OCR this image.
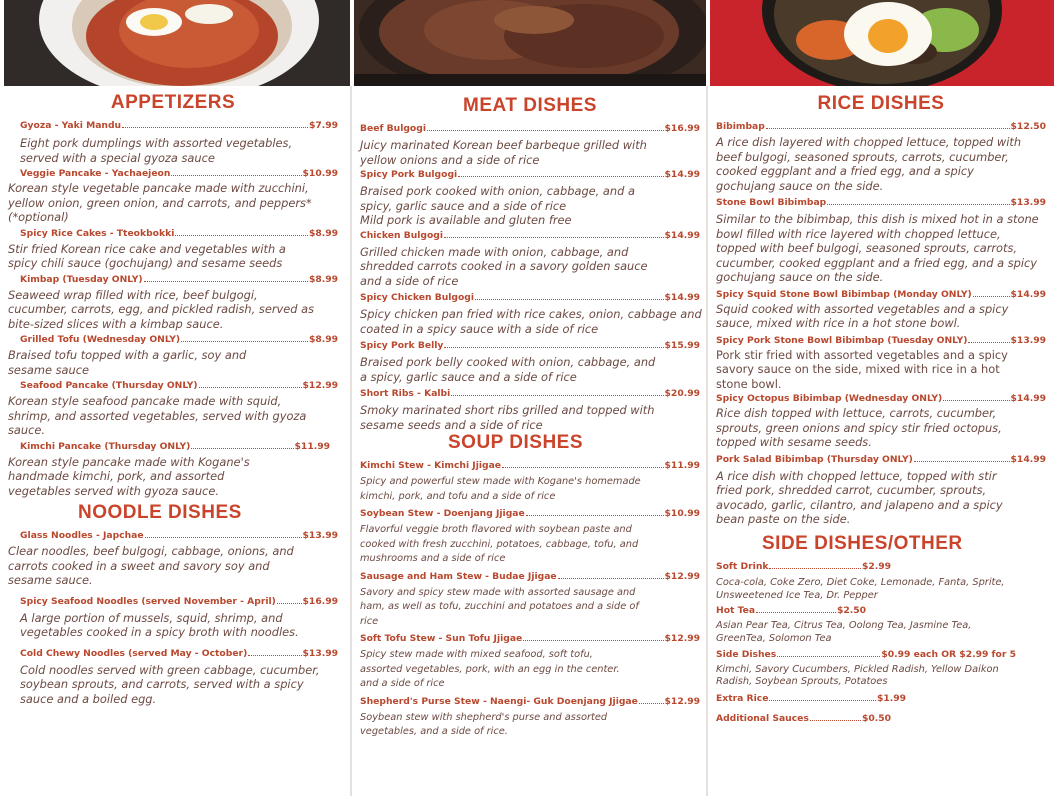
APPETIZERS
Gyoza - Yaki Mandu	$7.99
Eight pork dumplings with assorted vegetables, served with a special gyoza sauce
Veggie Pancake - Yachaejeon	$10.99
Korean style vegetable pancake made with zucchini, yellow onion, green onion, and carrots, and peppers* (*optional)
Spicy Rice Cakes - Tteokbokki	$8.99
Stir fried Korean rice cake and vegetables with a spicy chili sauce (gochujang) and sesame seeds
Kimbap (Tuesday ONLY)	$8.99
Seaweed wrap filled with rice, beef bulgogi, cucumber, carrots, egg, and pickled radish, served as bite-sized slices with a kimbap sauce.
Grilled Tofu (Wednesday ONLY)	$8.99
Braised tofu topped with a garlic, soy and sesame sauce
Seafood Pancake (Thursday ONLY)	$12.99
Korean style seafood pancake made with squid, shrimp, and assorted vegetables, served with gyoza sauce.
Kimchi Pancake (Thursday ONLY)	$11.99
Korean style pancake made with Kogane's handmade kimchi, pork, and assorted vegetables served with gyoza sauce.
NOODLE DISHES
Glass Noodles - Japchae	$13.99
Clear noodles, beef bulgogi, cabbage, onions, and carrots cooked in a sweet and savory soy and sesame sauce.
Spicy Seafood Noodles (served November - April)	$16.99
A large portion of mussels, squid, shrimp, and vegetables cooked in a spicy broth with noodles.
Cold Chewy Noodles (served May - October)	$13.99
Cold noodles served with green cabbage, cucumber, soybean sprouts, and carrots, served with a spicy sauce and a boiled egg.
MEAT DISHES
Beef Bulgogi	$16.99
Juicy marinated Korean beef barbeque grilled with yellow onions and a side of rice
Spicy Pork Bulgogi	$14.99
Braised pork cooked with onion, cabbage, and a spicy, garlic sauce and a side of rice
Mild pork is available and gluten free
Chicken Bulgogi	$14.99
Grilled chicken made with onion, cabbage, and shredded carrots cooked in a savory golden sauce and a side of rice
Spicy Chicken Bulgogi	$14.99
Spicy chicken pan fried with rice cakes, onion, cabbage and coated in a spicy sauce with a side of rice
Spicy Pork Belly	$15.99
Braised pork belly cooked with onion, cabbage, and a spicy, garlic sauce and a side of rice
Short Ribs - Kalbi	$20.99
Smoky marinated short ribs grilled and topped with sesame seeds and a side of rice
SOUP DISHES
Kimchi Stew - Kimchi Jjigae	$11.99
Spicy and powerful stew made with Kogane's homemade kimchi, pork, and tofu and a side of rice
Soybean Stew - Doenjang Jjigae	$10.99
Flavorful veggie broth flavored with soybean paste and cooked with fresh zucchini, potatoes, cabbage, tofu, and mushrooms and a side of rice
Sausage and Ham Stew - Budae Jjigae	$12.99
Savory and spicy stew made with assorted sausage and ham, as well as tofu, zucchini and potatoes and a side of rice
Soft Tofu Stew - Sun Tofu Jjigae	$12.99
Spicy stew made with mixed seafood, soft tofu, assorted vegetables, pork, with an egg in the center. and a side of rice
Shepherd's Purse Stew - Naengi- Guk Doenjang Jjigae	$12.99
Soybean stew with shepherd's purse and assorted vegetables, and a side of rice.
RICE DISHES
Bibimbap	$12.50
A rice dish layered with chopped lettuce, topped with beef bulgogi, seasoned sprouts, carrots, cucumber, cooked eggplant and a fried egg, and a spicy gochujang sauce on the side.
Stone Bowl Bibimbap	$13.99
Similar to the bibimbap, this dish is mixed hot in a stone bowl filled with rice layered with chopped lettuce, topped with beef bulgogi, seasoned sprouts, carrots, cucumber, cooked eggplant and a fried egg, and a spicy gochujang sauce on the side.
Spicy Squid Stone Bowl Bibimbap (Monday ONLY)	$14.99
Squid cooked with assorted vegetables and a spicy sauce, mixed with rice in a hot stone bowl.
Spicy Pork Stone Bowl Bibimbap (Tuesday ONLY)	$13.99
Pork stir fried with assorted vegetables and a spicy savory sauce on the side, mixed with rice in a hot stone bowl.
Spicy Octopus Bibimbap (Wednesday ONLY)	$14.99
Rice dish topped with lettuce, carrots, cucumber, sprouts, green onions and spicy stir fried octopus, topped with sesame seeds.
Pork Salad Bibimbap (Thursday ONLY)	$14.99
A rice dish with chopped lettuce, topped with stir fried pork, shredded carrot, cucumber, sprouts, avocado, garlic, cilantro, and jalapeno and a spicy bean paste on the side.
SIDE DISHES/OTHER
Soft Drink	$2.99
Coca-cola, Coke Zero, Diet Coke, Lemonade, Fanta, Sprite, Unsweetened Ice Tea, Dr. Pepper
Hot Tea	$2.50
Asian Pear Tea, Citrus Tea, Oolong Tea, Jasmine Tea, GreenTea, Solomon Tea
Side Dishes	$0.99 each OR $2.99 for 5
Kimchi, Savory Cucumbers, Pickled Radish, Yellow Daikon Radish, Soybean Sprouts, Potatoes
Extra Rice	$1.99
Additional Sauces	$0.50
